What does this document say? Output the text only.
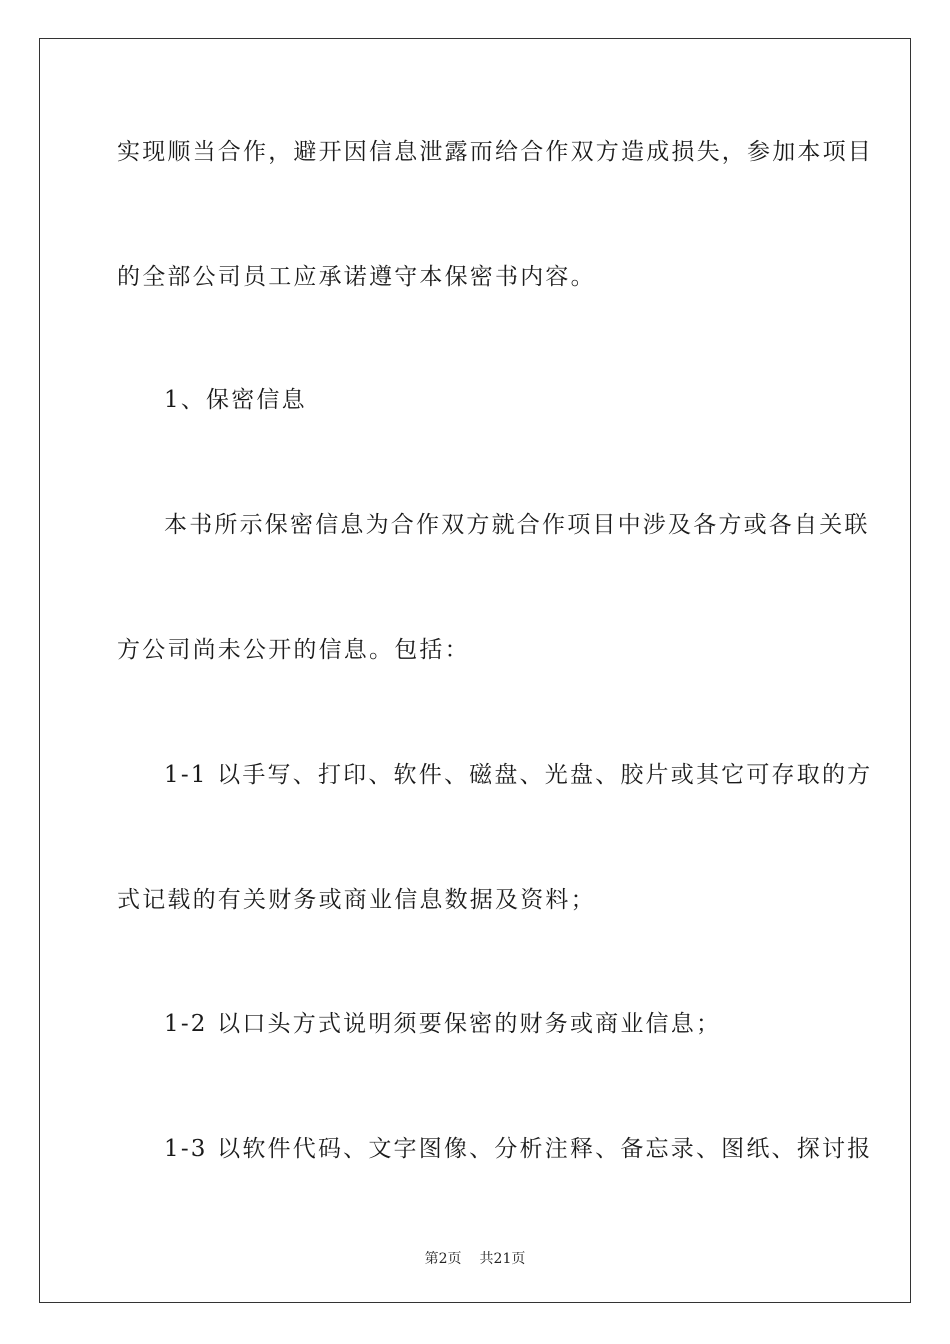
实现顺当合作，避开因信息泄露而给合作双方造成损失，参加本项目

的全部公司员工应承诺遵守本保密书内容。

1、保密信息

本书所示保密信息为合作双方就合作项目中涉及各方或各自关联

方公司尚未公开的信息。包括：

1-1 以手写、打印、软件、磁盘、光盘、胶片或其它可存取的方

式记载的有关财务或商业信息数据及资料；

1-2 以口头方式说明须要保密的财务或商业信息；

1-3 以软件代码、文字图像、分析注释、备忘录、图纸、探讨报

第2页 共21页
